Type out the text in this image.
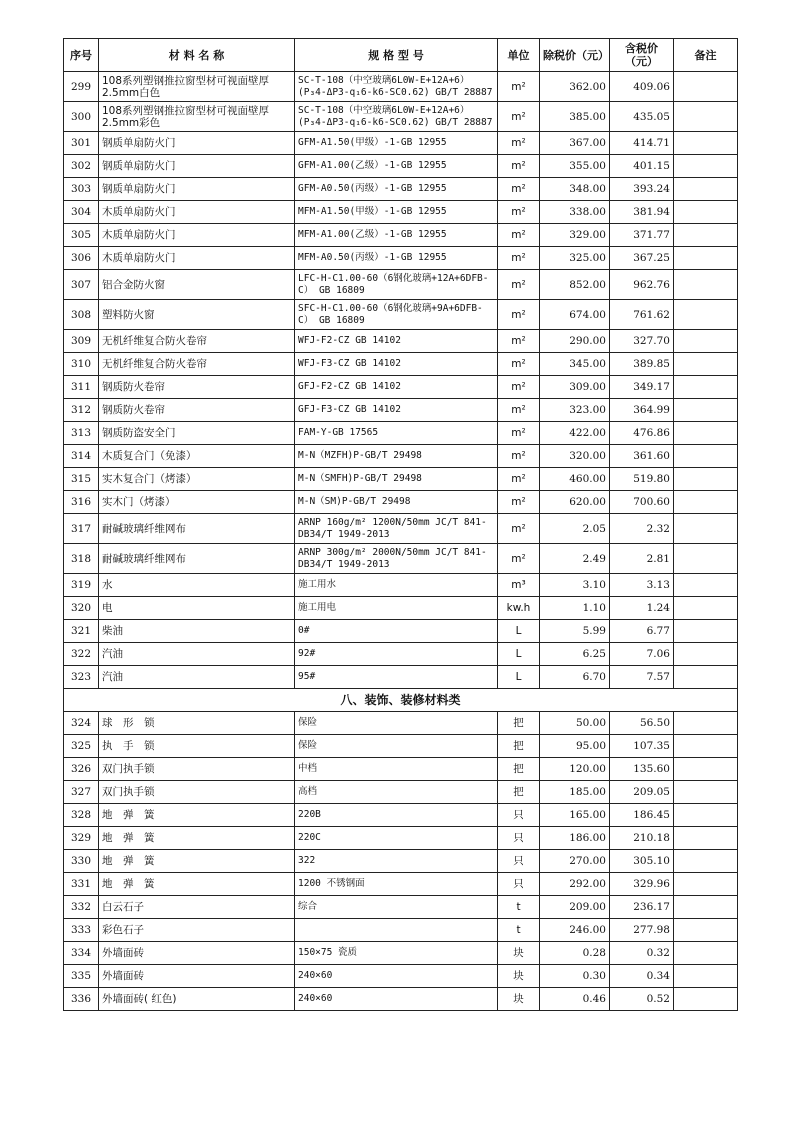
序号	材 料 名 称	规 格 型 号	单位	除税价（元）	含税价（元）	备注
299	108系列塑钢推拉窗型材可视面壁厚2.5mm白色	SC-T-108（中空玻璃6L0W-E+12A+6）(P₃4-ΔP3-q₁6-k6-SC0.62) GB/T 28887	m²	362.00	409.06	
300	108系列塑钢推拉窗型材可视面壁厚2.5mm彩色	SC-T-108（中空玻璃6L0W-E+12A+6）(P₃4-ΔP3-q₁6-k6-SC0.62) GB/T 28887	m²	385.00	435.05	
301	钢质单扇防火门	GFM-A1.50(甲级）-1-GB 12955	m²	367.00	414.71	
302	钢质单扇防火门	GFM-A1.00(乙级）-1-GB 12955	m²	355.00	401.15	
303	钢质单扇防火门	GFM-A0.50(丙级）-1-GB 12955	m²	348.00	393.24	
304	木质单扇防火门	MFM-A1.50(甲级）-1-GB 12955	m²	338.00	381.94	
305	木质单扇防火门	MFM-A1.00(乙级）-1-GB 12955	m²	329.00	371.77	
306	木质单扇防火门	MFM-A0.50(丙级）-1-GB 12955	m²	325.00	367.25	
307	铝合金防火窗	LFC-H-C1.00-60（6钢化玻璃+12A+6DFB-C） GB 16809	m²	852.00	962.76	
308	塑料防火窗	SFC-H-C1.00-60（6钢化玻璃+9A+6DFB-C） GB 16809	m²	674.00	761.62	
309	无机纤维复合防火卷帘	WFJ-F2-CZ GB 14102	m²	290.00	327.70	
310	无机纤维复合防火卷帘	WFJ-F3-CZ GB 14102	m²	345.00	389.85	
311	钢质防火卷帘	GFJ-F2-CZ GB 14102	m²	309.00	349.17	
312	钢质防火卷帘	GFJ-F3-CZ GB 14102	m²	323.00	364.99	
313	钢质防盗安全门	FAM-Y-GB 17565	m²	422.00	476.86	
314	木质复合门（免漆）	M-N（MZFH)P-GB/T 29498	m²	320.00	361.60	
315	实木复合门（烤漆）	M-N（SMFH)P-GB/T 29498	m²	460.00	519.80	
316	实木门（烤漆）	M-N（SM)P-GB/T 29498	m²	620.00	700.60	
317	耐碱玻璃纤维网布	ARNP 160g/m² 1200N/50mm JC/T 841-DB34/T 1949-2013	m²	2.05	2.32	
318	耐碱玻璃纤维网布	ARNP 300g/m² 2000N/50mm JC/T 841-DB34/T 1949-2013	m²	2.49	2.81	
319	水	施工用水	m³	3.10	3.13	
320	电	施工用电	kw.h	1.10	1.24	
321	柴油	0#	L	5.99	6.77	
322	汽油	92#	L	6.25	7.06	
323	汽油	95#	L	6.70	7.57	
八、装饰、装修材料类						
324	球　形　锁	保险	把	50.00	56.50	
325	执　手　锁	保险	把	95.00	107.35	
326	双门执手锁	中档	把	120.00	135.60	
327	双门执手锁	高档	把	185.00	209.05	
328	地　弹　簧	220B	只	165.00	186.45	
329	地　弹　簧	220C	只	186.00	210.18	
330	地　弹　簧	322	只	270.00	305.10	
331	地　弹　簧	1200 不锈钢面	只	292.00	329.96	
332	白云石子	综合	t	209.00	236.17	
333	彩色石子		t	246.00	277.98	
334	外墙面砖	150×75 瓷质	块	0.28	0.32	
335	外墙面砖	240×60	块	0.30	0.34	
336	外墙面砖( 红色)	240×60	块	0.46	0.52	
